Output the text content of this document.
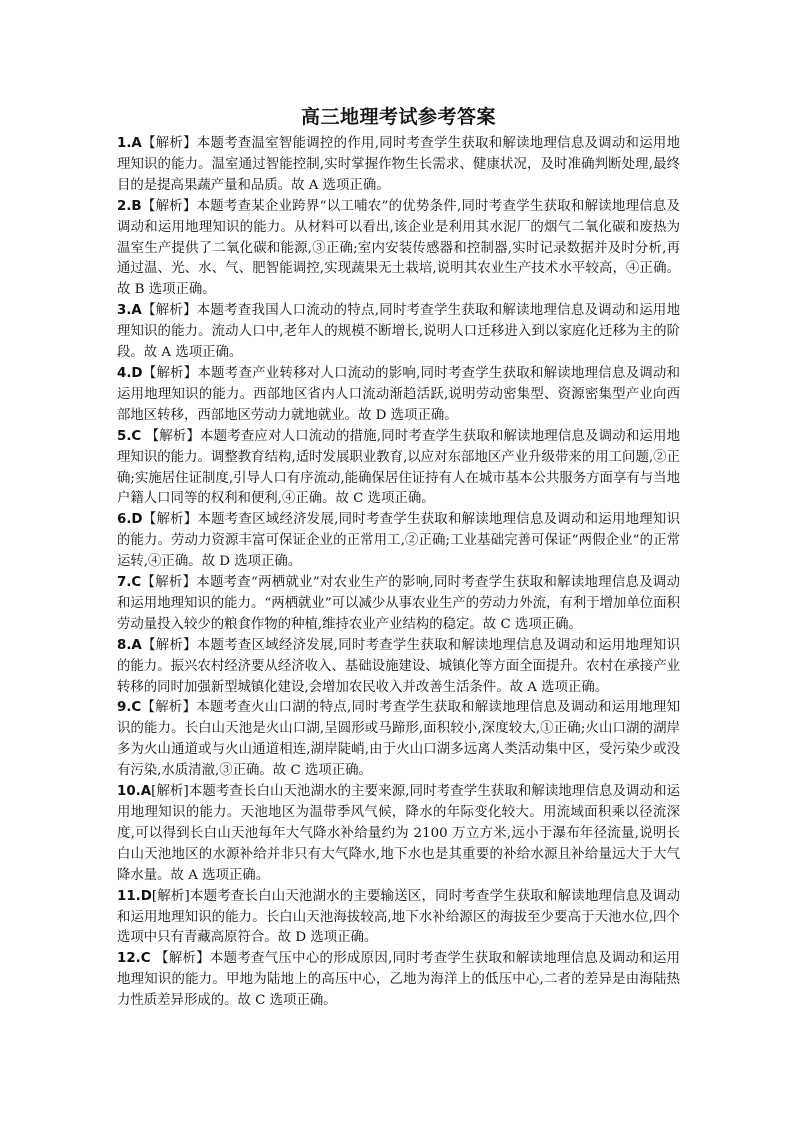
高三地理考试参考答案

1.A【解析】本题考查温室智能调控的作用,同时考查学生获取和解读地理信息及调动和运用地理知识的能力。温室通过智能控制,实时掌握作物生长需求、健康状况，及时准确判断处理,最终目的是提高果蔬产量和品质。故 A 选项正确。

2.B【解析】本题考查某企业跨界“以工哺农”的优势条件,同时考查学生获取和解读地理信息及调动和运用地理知识的能力。从材料可以看出,该企业是利用其水泥厂的烟气二氧化碳和废热为温室生产提供了二氧化碳和能源,③正确;室内安装传感器和控制器,实时记录数据并及时分析,再通过温、光、水、气、肥智能调控,实现蔬果无土栽培,说明其农业生产技术水平较高，④正确。故 B 选项正确。

3.A【解析】本题考查我国人口流动的特点,同时考查学生获取和解读地理信息及调动和运用地理知识的能力。流动人口中,老年人的规模不断增长,说明人口迁移进入到以家庭化迁移为主的阶段。故 A 选项正确。

4.D【解析】本题考查产业转移对人口流动的影响,同时考查学生获取和解读地理信息及调动和运用地理知识的能力。西部地区省内人口流动渐趋活跃,说明劳动密集型、资源密集型产业向西部地区转移，西部地区劳动力就地就业。故 D 选项正确。

5.C 【解析】本题考查应对人口流动的措施,同时考查学生获取和解读地理信息及调动和运用地理知识的能力。调整教育结构,适时发展职业教育,以应对东部地区产业升级带来的用工问题,②正确;实施居住证制度,引导人口有序流动,能确保居住证持有人在城市基本公共服务方面享有与当地户籍人口同等的权利和便利,④正确。故 C 选项正确。

6.D【解析】本题考查区域经济发展,同时考查学生获取和解读地理信息及调动和运用地理知识的能力。劳动力资源丰富可保证企业的正常用工,②正确;工业基础完善可保证“两假企业”的正常运转,④正确。故 D 选项正确。

7.C【解析】本题考查“两栖就业”对农业生产的影响,同时考查学生获取和解读地理信息及调动和运用地理知识的能力。“两栖就业”可以减少从事农业生产的劳动力外流，有利于增加单位面积劳动量投入较少的粮食作物的种植,维持农业产业结构的稳定。故 C 选项正确。

8.A【解析】本题考查区域经济发展,同时考查学生获取和解读地理信息及调动和运用地理知识的能力。振兴农村经济要从经济收入、基础设施建设、城镇化等方面全面提升。农村在承接产业转移的同时加强新型城镇化建设,会增加农民收入并改善生活条件。故 A 选项正确。

9.C【解析】本题考查火山口湖的特点,同时考查学生获取和解读地理信息及调动和运用地理知识的能力。长白山天池是火山口湖,呈圆形或马蹄形,面积较小,深度较大,①正确;火山口湖的湖岸多为火山通道或与火山通道相连,湖岸陡峭,由于火山口湖多远离人类活动集中区，受污染少或没有污染,水质清澈,③正确。故 C 选项正确。

10.A[解析]本题考查长白山天池湖水的主要来源,同时考查学生获取和解读地理信息及调动和运用地理知识的能力。天池地区为温带季风气候，降水的年际变化较大。用流域面积乘以径流深度,可以得到长白山天池每年大气降水补给量约为 2100 万立方米,远小于瀑布年径流量,说明长白山天池地区的水源补给并非只有大气降水,地下水也是其重要的补给水源且补给量远大于大气降水量。故 A 选项正确。

11.D[解析]本题考查长白山天池湖水的主要输送区，同时考查学生获取和解读地理信息及调动和运用地理知识的能力。长白山天池海拔较高,地下水补给源区的海拔至少要高于天池水位,四个选项中只有青藏高原符合。故 D 选项正确。

12.C 【解析】本题考查气压中心的形成原因,同时考查学生获取和解读地理信息及调动和运用地理知识的能力。甲地为陆地上的高压中心，乙地为海洋上的低压中心,二者的差异是由海陆热力性质差异形成的。故 C 选项正确。
